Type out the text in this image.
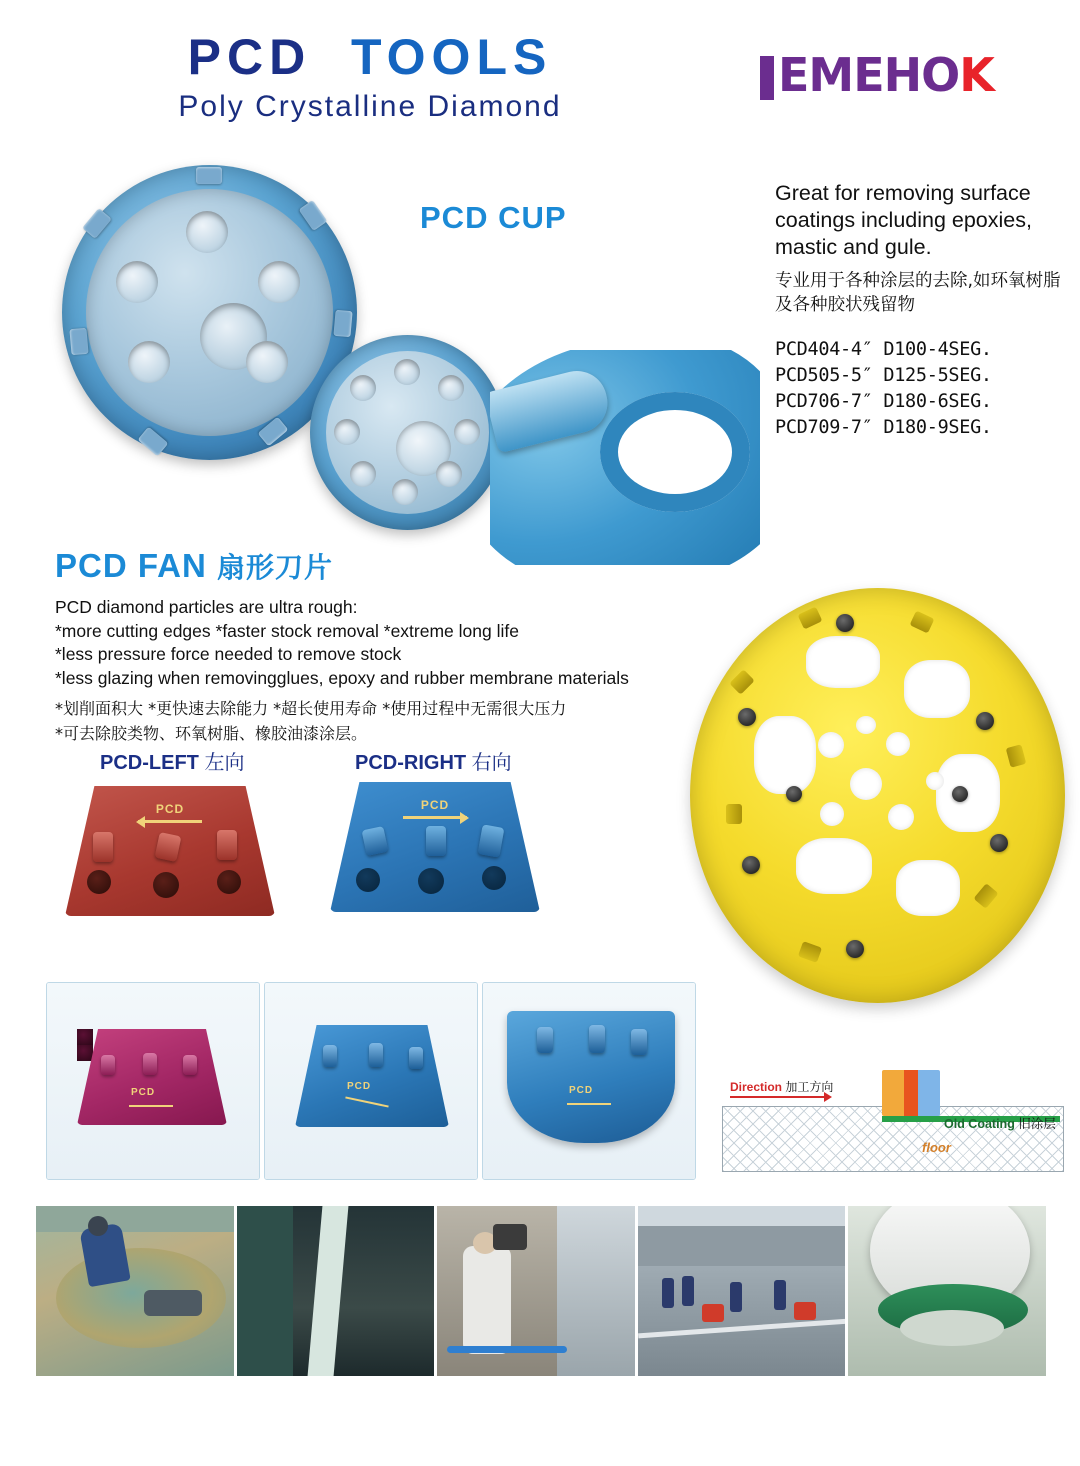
PCD TOOLS
Poly Crystalline Diamond
EMEHOK
PCD CUP
Great for removing surface coatings including epoxies, mastic and gule.
专业用于各种涂层的去除,如环氧树脂及各种胶状残留物
PCD404-4″ D100-4SEG.
PCD505-5″ D125-5SEG.
PCD706-7″ D180-6SEG.
PCD709-7″ D180-9SEG.
PCD FAN 扇形刀片
PCD diamond particles are ultra rough:
*more cutting edges *faster stock removal *extreme long life
*less pressure force needed to remove stock
*less glazing when removingglues, epoxy and rubber membrane materials
*划削面积大 *更快速去除能力 *超长使用寿命 *使用过程中无需很大压力
*可去除胶类物、环氧树脂、橡胶油漆涂层。
PCD-LEFT 左向	PCD-RIGHT 右向
PCD	PCD
PCD
PCD	PCD	Direction 加工方向
Old Coating 旧涂层
floor
